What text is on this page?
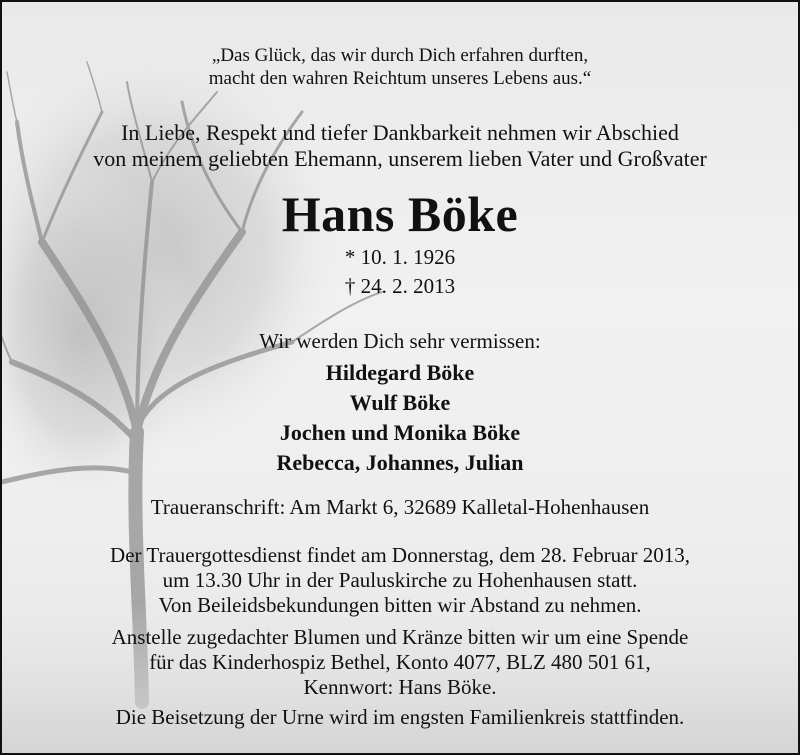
„Das Glück, das wir durch Dich erfahren durften,
macht den wahren Reichtum unseres Lebens aus.“
In Liebe, Respekt und tiefer Dankbarkeit nehmen wir Abschied
von meinem geliebten Ehemann, unserem lieben Vater und Großvater
Hans Böke
* 10. 1. 1926
† 24. 2. 2013
Wir werden Dich sehr vermissen:
Hildegard Böke
Wulf Böke
Jochen und Monika Böke
Rebecca, Johannes, Julian
Traueranschrift: Am Markt 6, 32689 Kalletal-Hohenhausen
Der Trauergottesdienst findet am Donnerstag, dem 28. Februar 2013,
um 13.30 Uhr in der Pauluskirche zu Hohenhausen statt.
Von Beileidsbekundungen bitten wir Abstand zu nehmen.
Anstelle zugedachter Blumen und Kränze bitten wir um eine Spende
für das Kinderhospiz Bethel, Konto 4077, BLZ 480 501 61,
Kennwort: Hans Böke.
Die Beisetzung der Urne wird im engsten Familienkreis stattfinden.
